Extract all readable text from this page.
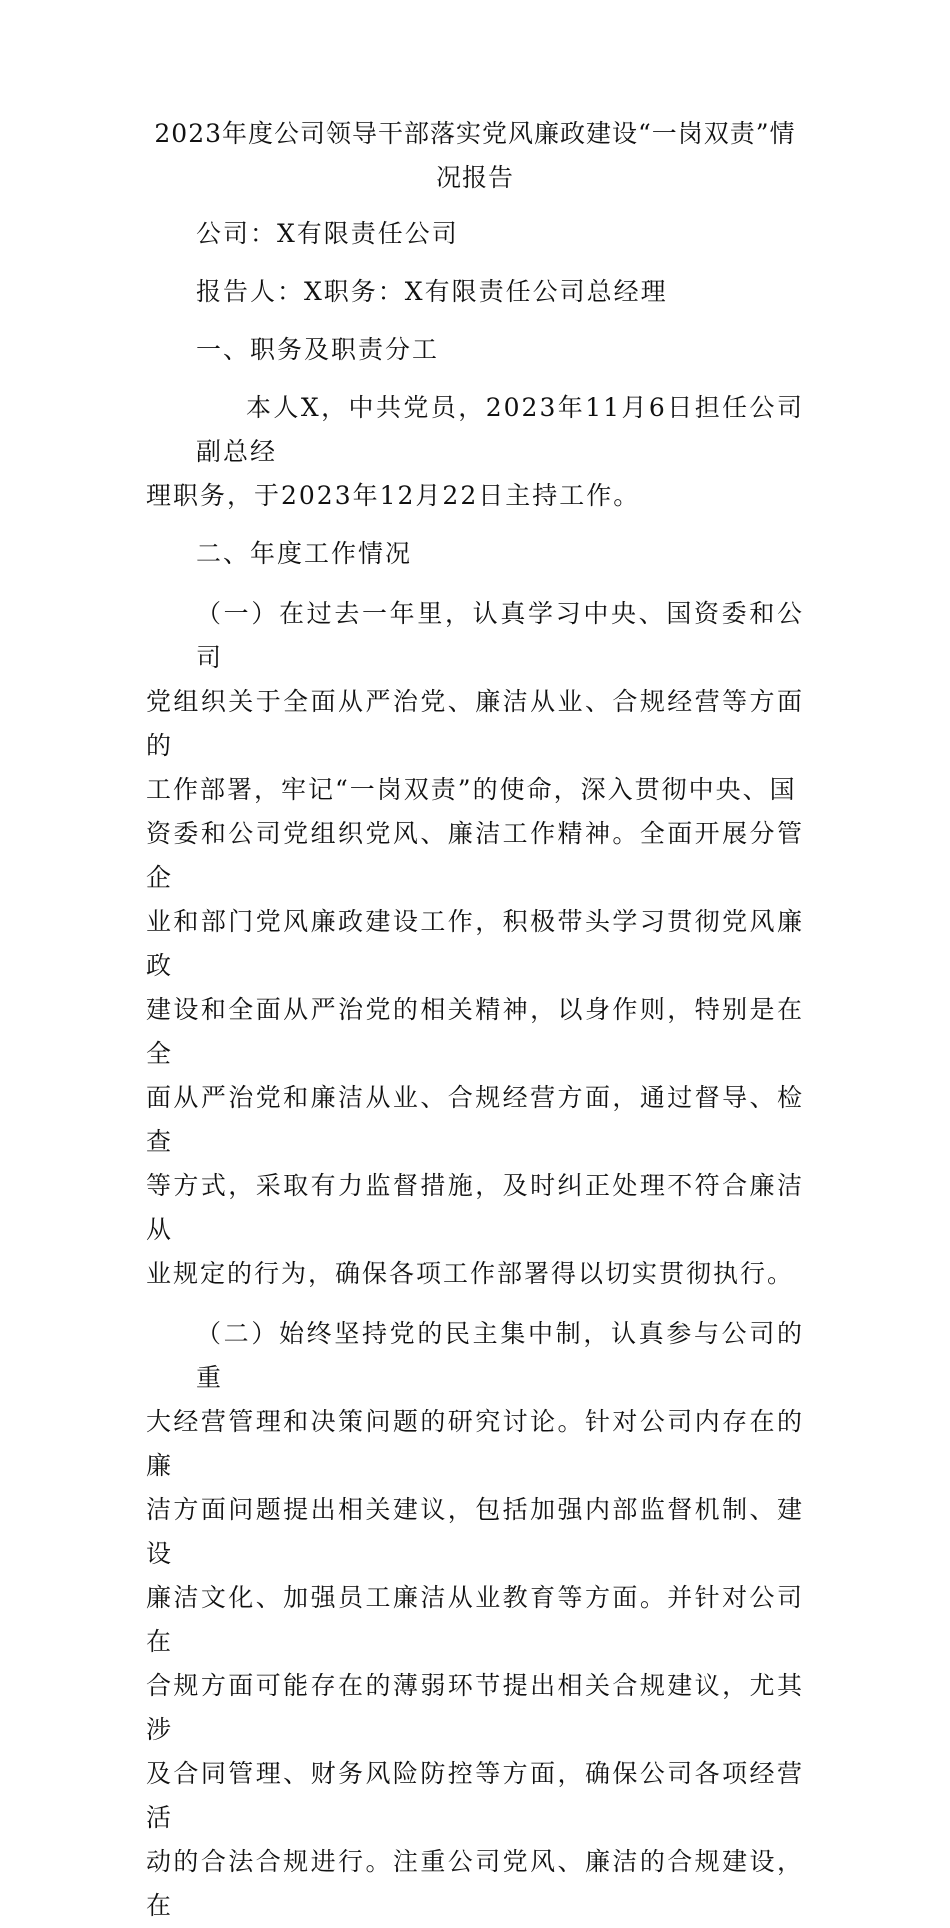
2023年度公司领导干部落实党风廉政建设“一岗双责”情
况报告

公司：X有限责任公司

报告人：X职务：X有限责任公司总经理

一、职务及职责分工

本人X，中共党员，2023年11月6日担任公司副总经
理职务，于2023年12月22日主持工作。

二、年度工作情况

（一）在过去一年里，认真学习中央、国资委和公司
党组织关于全面从严治党、廉洁从业、合规经营等方面的
工作部署，牢记“一岗双责”的使命，深入贯彻中央、国
资委和公司党组织党风、廉洁工作精神。全面开展分管企
业和部门党风廉政建设工作，积极带头学习贯彻党风廉政
建设和全面从严治党的相关精神，以身作则，特别是在全
面从严治党和廉洁从业、合规经营方面，通过督导、检查
等方式，采取有力监督措施，及时纠正处理不符合廉洁从
业规定的行为，确保各项工作部署得以切实贯彻执行。
（二）始终坚持党的民主集中制，认真参与公司的重
大经营管理和决策问题的研究讨论。针对公司内存在的廉
洁方面问题提出相关建议，包括加强内部监督机制、建设
廉洁文化、加强员工廉洁从业教育等方面。并针对公司在
合规方面可能存在的薄弱环节提出相关合规建议，尤其涉
及合同管理、财务风险防控等方面，确保公司各项经营活
动的合法合规进行。注重公司党风、廉洁的合规建设，在
